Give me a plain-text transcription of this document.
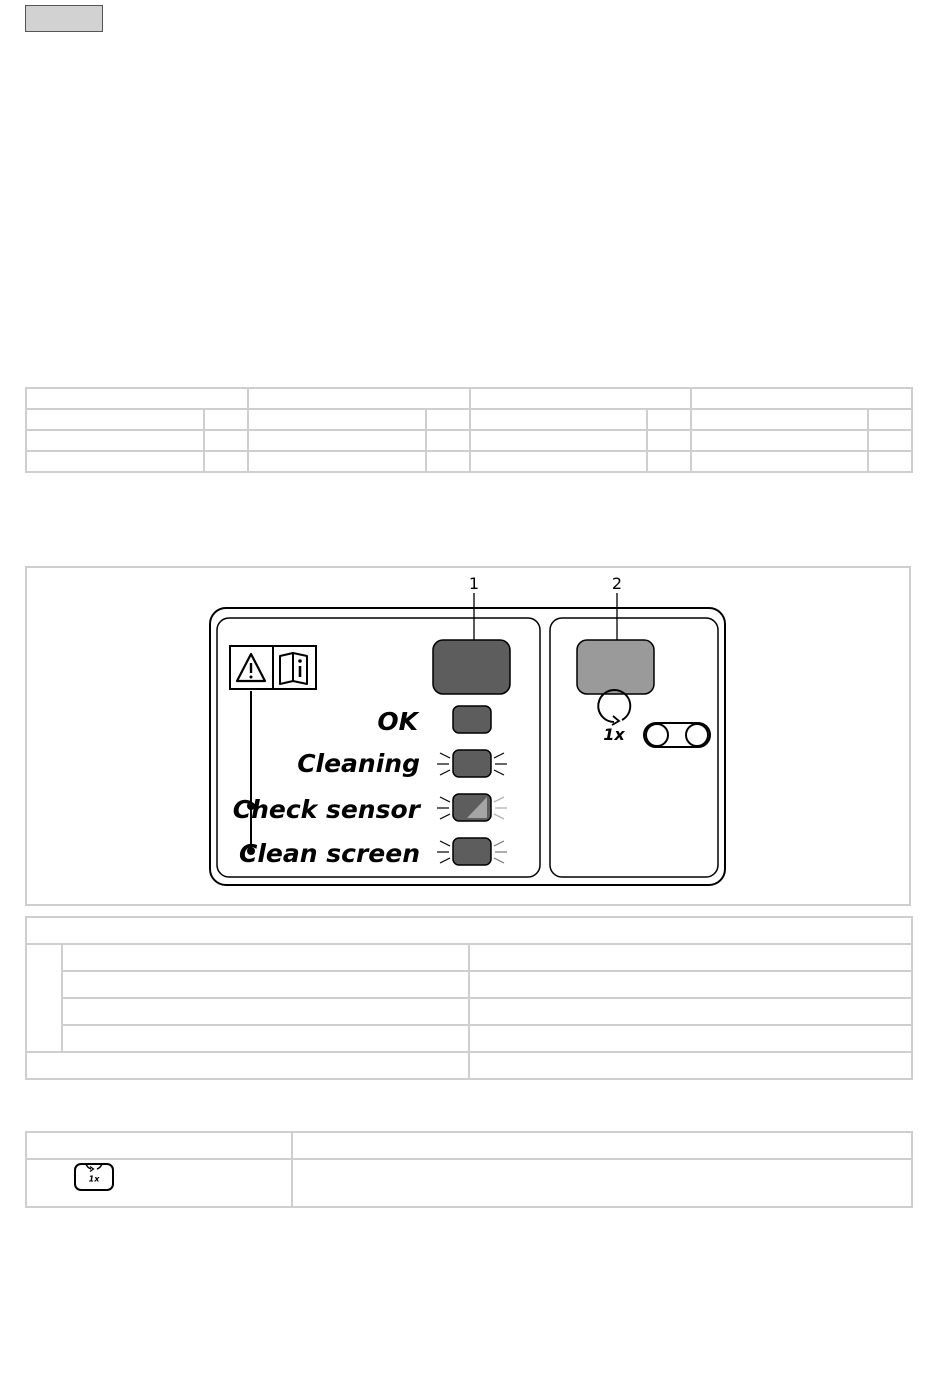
1	2
OK
Cleaning
Check sensor
Clean screen
1x

1x	
